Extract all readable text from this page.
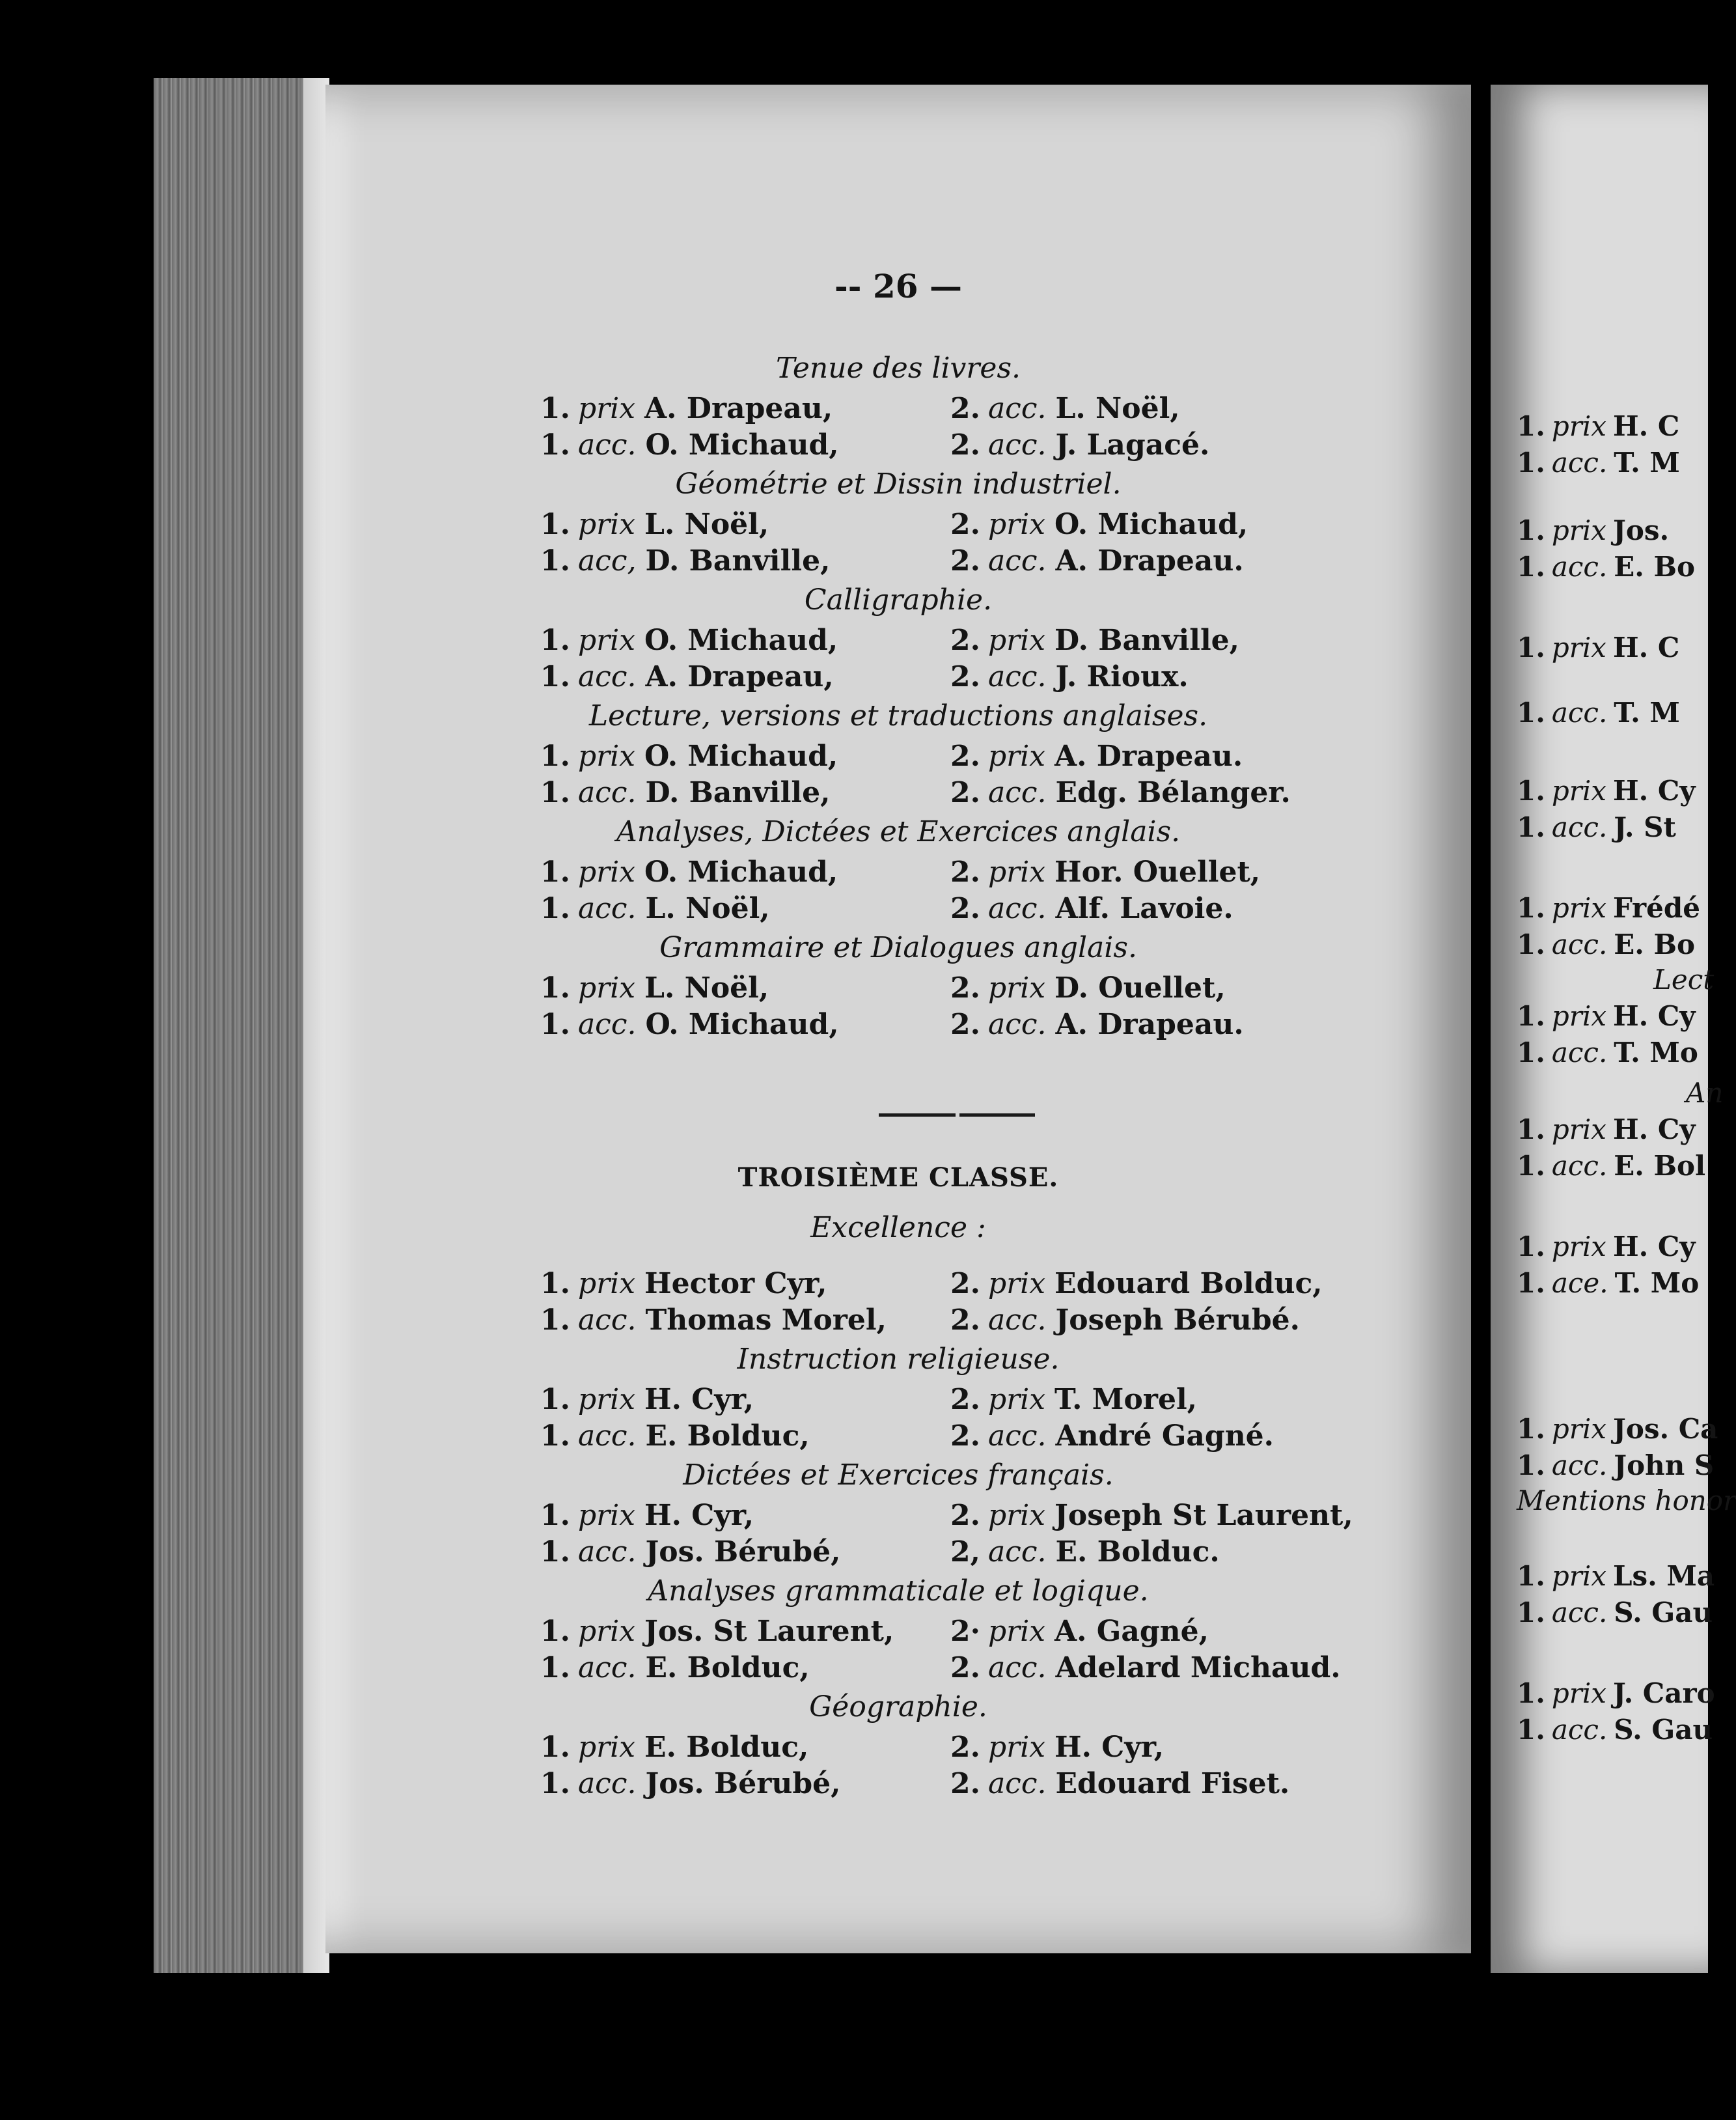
-- 26 —
Tenue des livres.
1. prix A. Drapeau,	2. acc. L. Noël,
1. acc. O. Michaud,	2. acc. J. Lagacé.
Géométrie et Dissin industriel.
1. prix L. Noël,	2. prix O. Michaud,
1. acc, D. Banville,	2. acc. A. Drapeau.
Calligraphie.
1. prix O. Michaud,	2. prix D. Banville,
1. acc. A. Drapeau,	2. acc. J. Rioux.
Lecture, versions et traductions anglaises.
1. prix O. Michaud,	2. prix A. Drapeau.
1. acc. D. Banville,	2. acc. Edg. Bélanger.
Analyses, Dictées et Exercices anglais.
1. prix O. Michaud,	2. prix Hor. Ouellet,
1. acc. L. Noël,	2. acc. Alf. Lavoie.
Grammaire et Dialogues anglais.
1. prix L. Noël,	2. prix D. Ouellet,
1. acc. O. Michaud,	2. acc. A. Drapeau.
TROISIÈME CLASSE.
Excellence :
1. prix Hector Cyr,	2. prix Edouard Bolduc,
1. acc. Thomas Morel, 2. acc. Joseph Bérubé.
Instruction religieuse.
1. prix H. Cyr,	2. prix T. Morel,
1. acc. E. Bolduc,	2. acc. André Gagné.
Dictées et Exercices français.
1. prix H. Cyr,	2. prix Joseph St Laurent,
1. acc. Jos. Bérubé,	2, acc. E. Bolduc.
Analyses grammaticale et logique.
1. prix Jos. St Laurent, 2· prix A. Gagné,
1. acc. E. Bolduc,	2. acc. Adelard Michaud.
Géographie.
1. prix E. Bolduc,	2. prix H. Cyr,
1. acc. Jos. Bérubé,	2. acc. Edouard Fiset.
1. prix H. C
1. acc. T. M
1. prix Jos.
1. acc. E. Bo
1. prix H. C
1. acc. T. M
1. prix H. Cy
1. acc. J. St
1. prix Frédé
1. acc. E. Bo
1. prix H. Cy
1. acc. T. Mo
1. prix H. Cy
1. acc. E. Bol
1. prix H. Cy
1. ace. T. Mo
1. prix Jos. Ca
1. acc. John S
1. prix Ls. Ma
1. acc. S. Gau
1. prix J. Caro
1. acc. S. Gau
Lect
An
Mentions honor
